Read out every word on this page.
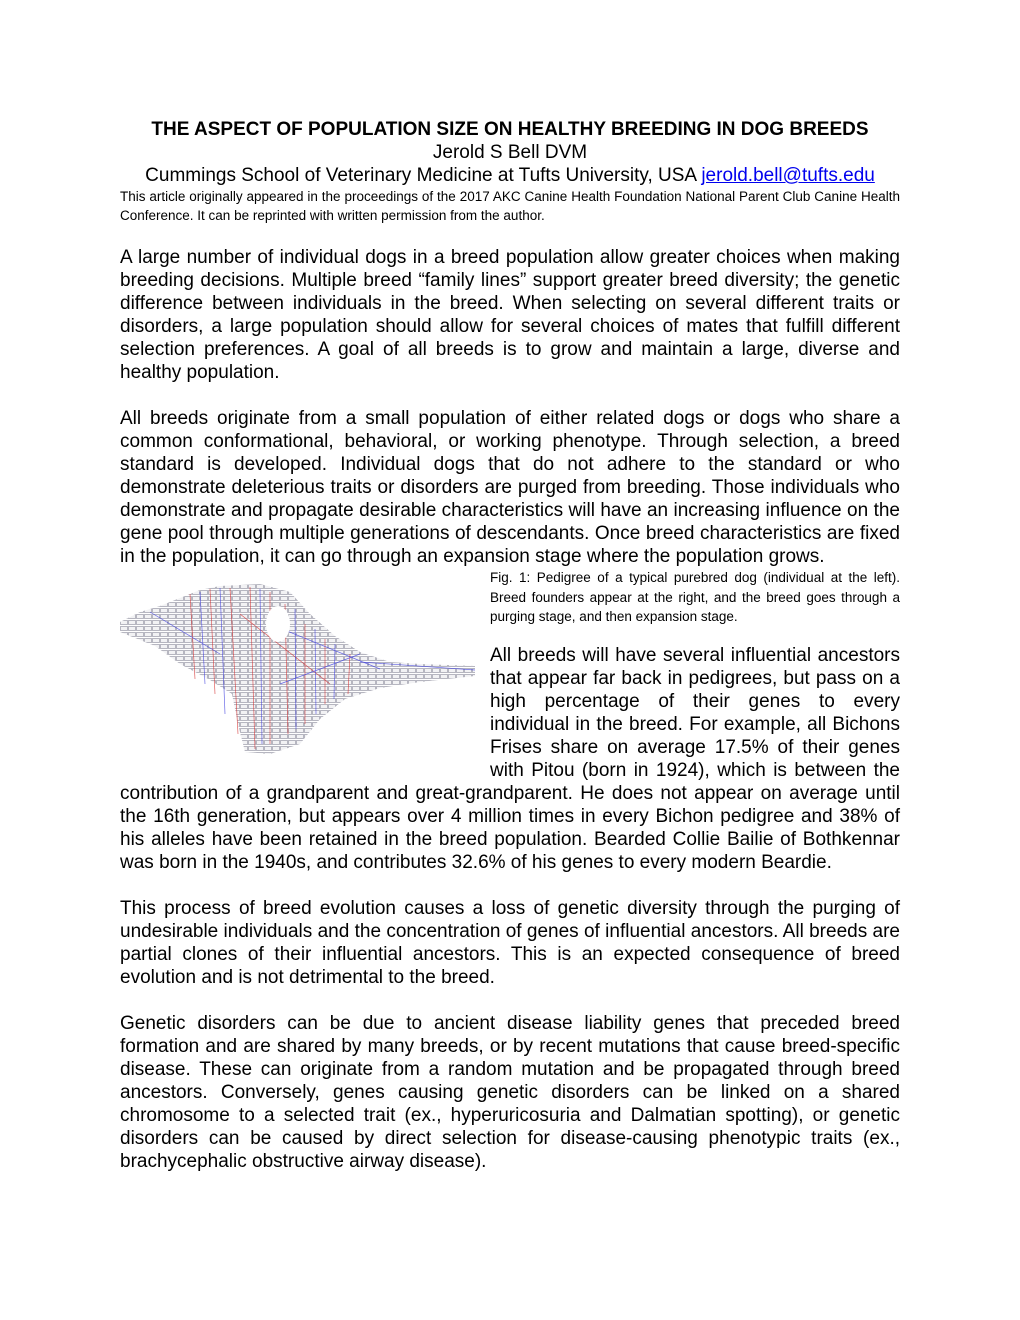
THE ASPECT OF POPULATION SIZE ON HEALTHY BREEDING IN DOG BREEDS
Jerold S Bell DVM
Cummings School of Veterinary Medicine at Tufts University, USA jerold.bell@tufts.edu

This article originally appeared in the proceedings of the 2017 AKC Canine Health Foundation National Parent Club Canine Health Conference. It can be reprinted with written permission from the author.

A large number of individual dogs in a breed population allow greater choices when making breeding decisions. Multiple breed “family lines” support greater breed diversity; the genetic difference between individuals in the breed. When selecting on several different traits or disorders, a large population should allow for several choices of mates that fulfill different selection preferences. A goal of all breeds is to grow and maintain a large, diverse and healthy population.

All breeds originate from a small population of either related dogs or dogs who share a common conformational, behavioral, or working phenotype. Through selection, a breed standard is developed. Individual dogs that do not adhere to the standard or who demonstrate deleterious traits or disorders are purged from breeding. Those individuals who demonstrate and propagate desirable characteristics will have an increasing influence on the gene pool through multiple generations of descendants. Once breed characteristics are fixed in the population, it can go through an expansion stage where the population grows.

Fig. 1: Pedigree of a typical purebred dog (individual at the left). Breed founders appear at the right, and the breed goes through a purging stage, and then expansion stage.

All breeds will have several influential ancestors that appear far back in pedigrees, but pass on a high percentage of their genes to every individual in the breed. For example, all Bichons Frises share on average 17.5% of their genes with Pitou (born in 1924), which is between the contribution of a grandparent and great-grandparent. He does not appear on average until the 16th generation, but appears over 4 million times in every Bichon pedigree and 38% of his alleles have been retained in the breed population. Bearded Collie Bailie of Bothkennar was born in the 1940s, and contributes 32.6% of his genes to every modern Beardie.

This process of breed evolution causes a loss of genetic diversity through the purging of undesirable individuals and the concentration of genes of influential ancestors. All breeds are partial clones of their influential ancestors. This is an expected consequence of breed evolution and is not detrimental to the breed.

Genetic disorders can be due to ancient disease liability genes that preceded breed formation and are shared by many breeds, or by recent mutations that cause breed-specific disease. These can originate from a random mutation and be propagated through breed ancestors. Conversely, genes causing genetic disorders can be linked on a shared chromosome to a selected trait (ex., hyperuricosuria and Dalmatian spotting), or genetic disorders can be caused by direct selection for disease-causing phenotypic traits (ex., brachycephalic obstructive airway disease).
